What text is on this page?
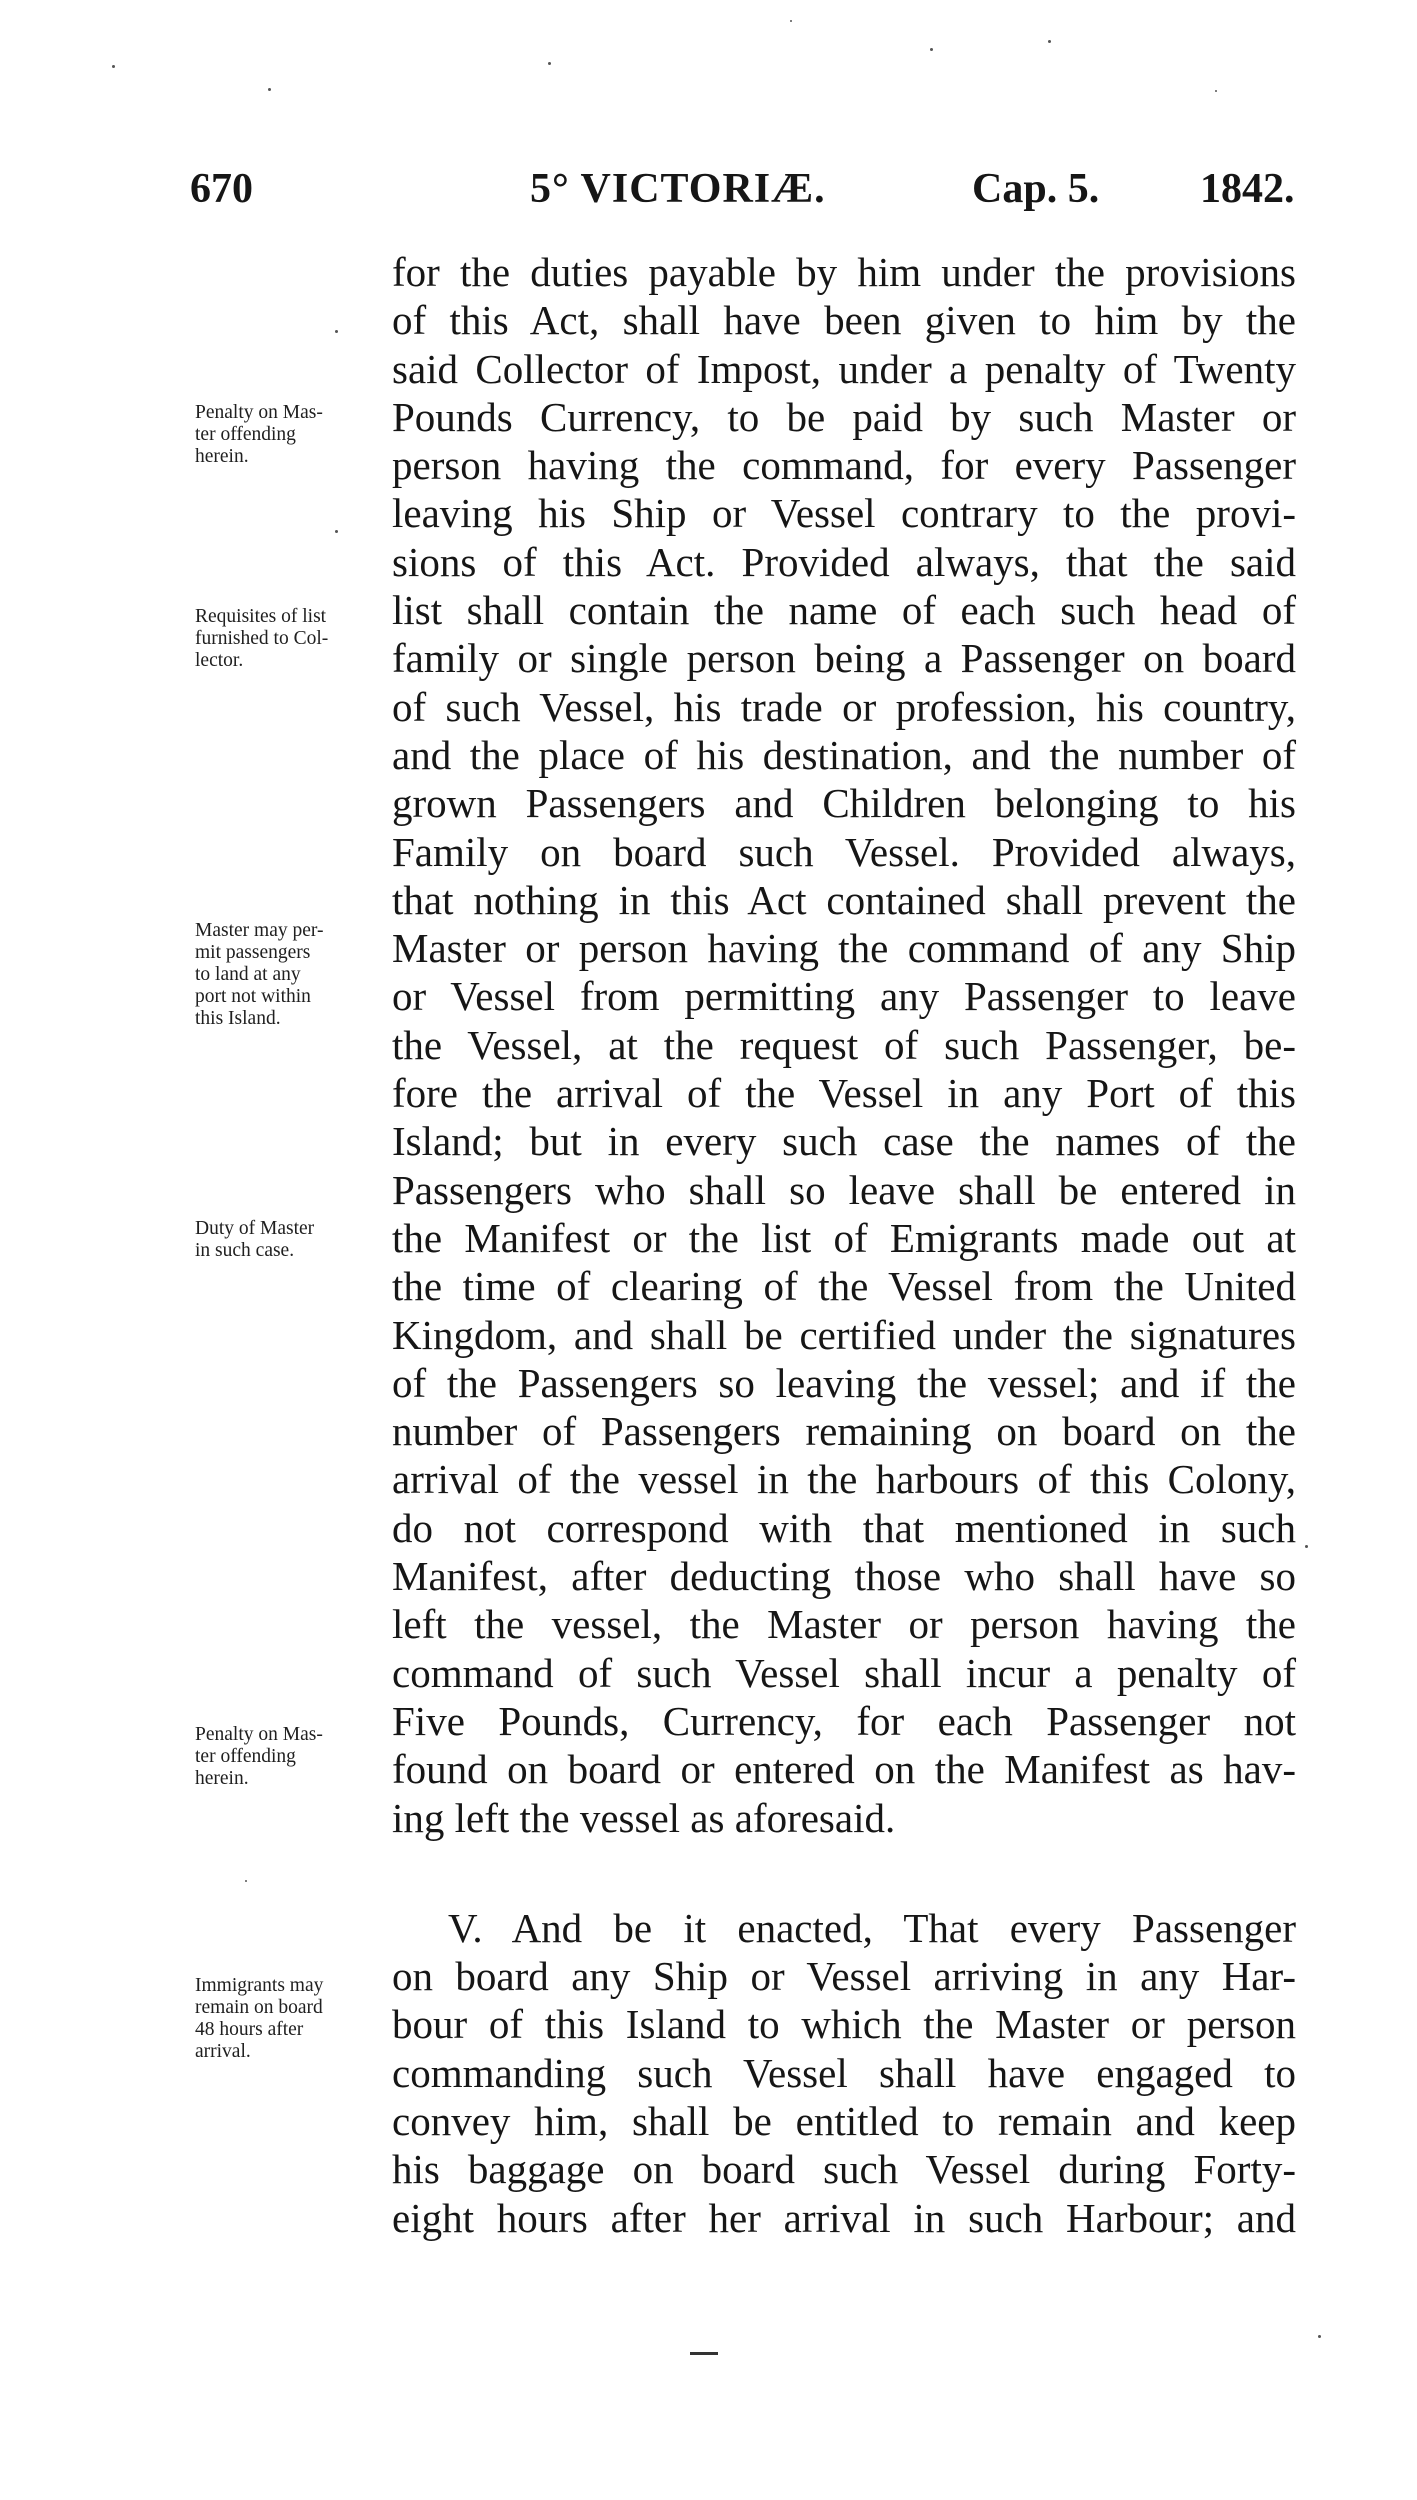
670	5° VICTORIÆ.	Cap. 5. 1842.
for the duties payable by him under the provisions
of this Act, shall have been given to him by the
said Collector of Impost, under a penalty of Twenty
Pounds Currency, to be paid by such Master or
person having the command, for every Passenger
leaving his Ship or Vessel contrary to the provi-
sions of this Act. Provided always, that the said
list shall contain the name of each such head of
family or single person being a Passenger on board
of such Vessel, his trade or profession, his country,
and the place of his destination, and the number of
grown Passengers and Children belonging to his
Family on board such Vessel. Provided always,
that nothing in this Act contained shall prevent the
Master or person having the command of any Ship
or Vessel from permitting any Passenger to leave
the Vessel, at the request of such Passenger, be-
fore the arrival of the Vessel in any Port of this
Island; but in every such case the names of the
Passengers who shall so leave shall be entered in
the Manifest or the list of Emigrants made out at
the time of clearing of the Vessel from the United
Kingdom, and shall be certified under the signatures
of the Passengers so leaving the vessel; and if the
number of Passengers remaining on board on the
arrival of the vessel in the harbours of this Colony,
do not correspond with that mentioned in such
Manifest, after deducting those who shall have so
left the vessel, the Master or person having the
command of such Vessel shall incur a penalty of
Five Pounds, Currency, for each Passenger not
found on board or entered on the Manifest as hav-
ing left the vessel as aforesaid.
V. And be it enacted, That every Passenger
on board any Ship or Vessel arriving in any Har-
bour of this Island to which the Master or person
commanding such Vessel shall have engaged to
convey him, shall be entitled to remain and keep
his baggage on board such Vessel during Forty-
eight hours after her arrival in such Harbour; and
Penalty on Mas-
ter offending
herein.
Requisites of list
furnished to Col-
lector.
Master may per-
mit passengers
to land at any
port not within
this Island.
Duty of Master
in such case.
Penalty on Mas-
ter offending
herein.
Immigrants may
remain on board
48 hours after
arrival.
